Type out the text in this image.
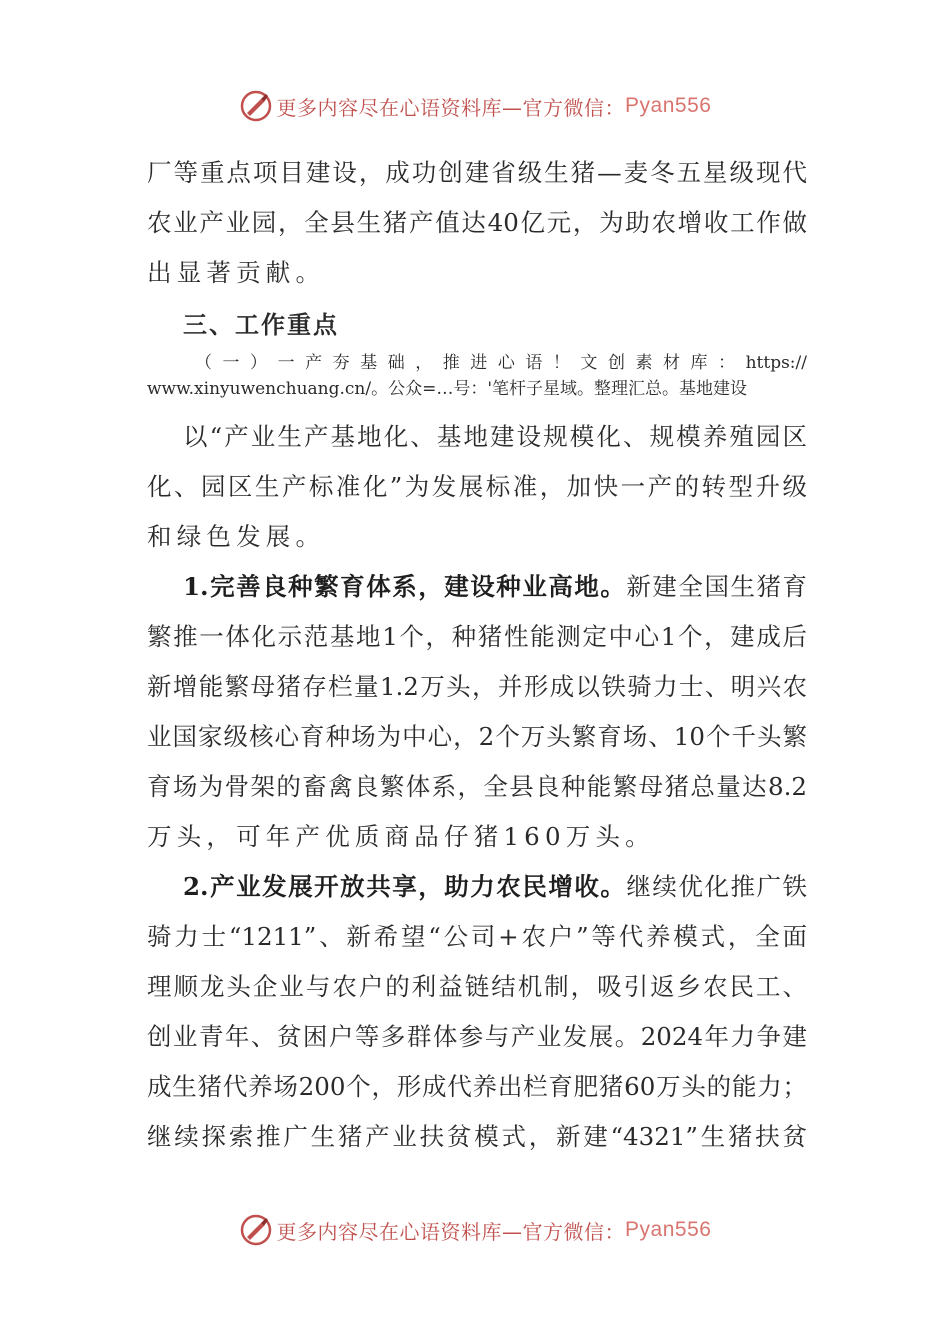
更多内容尽在心语资料库—官方微信： Pyan556
厂等重点项目建设，成功创建省级生猪—麦冬五星级现代
农业产业园，全县生猪产值达40亿元，为助农增收工作做
出显著贡献。
三、工作重点
（一）一产夯基础，推进心语！文创素材库：https://
www.xinyuwenchuang.cn/。公众=…号：'笔杆子星域。整理汇总。基地建设
以“产业生产基地化、基地建设规模化、规模养殖园区
化、园区生产标准化”为发展标准，加快一产的转型升级
和绿色发展。
1.完善良种繁育体系，建设种业高地。新建全国生猪育
繁推一体化示范基地1个，种猪性能测定中心1个，建成后
新增能繁母猪存栏量1.2万头，并形成以铁骑力士、明兴农
业国家级核心育种场为中心，2个万头繁育场、10个千头繁
育场为骨架的畜禽良繁体系，全县良种能繁母猪总量达8.2
万头，可年产优质商品仔猪160万头。
2.产业发展开放共享，助力农民增收。继续优化推广铁
骑力士“1211”、新希望“公司+农户”等代养模式，全面
理顺龙头企业与农户的利益链结机制，吸引返乡农民工、
创业青年、贫困户等多群体参与产业发展。2024年力争建
成生猪代养场200个，形成代养出栏育肥猪60万头的能力；
继续探索推广生猪产业扶贫模式，新建“4321”生猪扶贫
更多内容尽在心语资料库—官方微信： Pyan556
